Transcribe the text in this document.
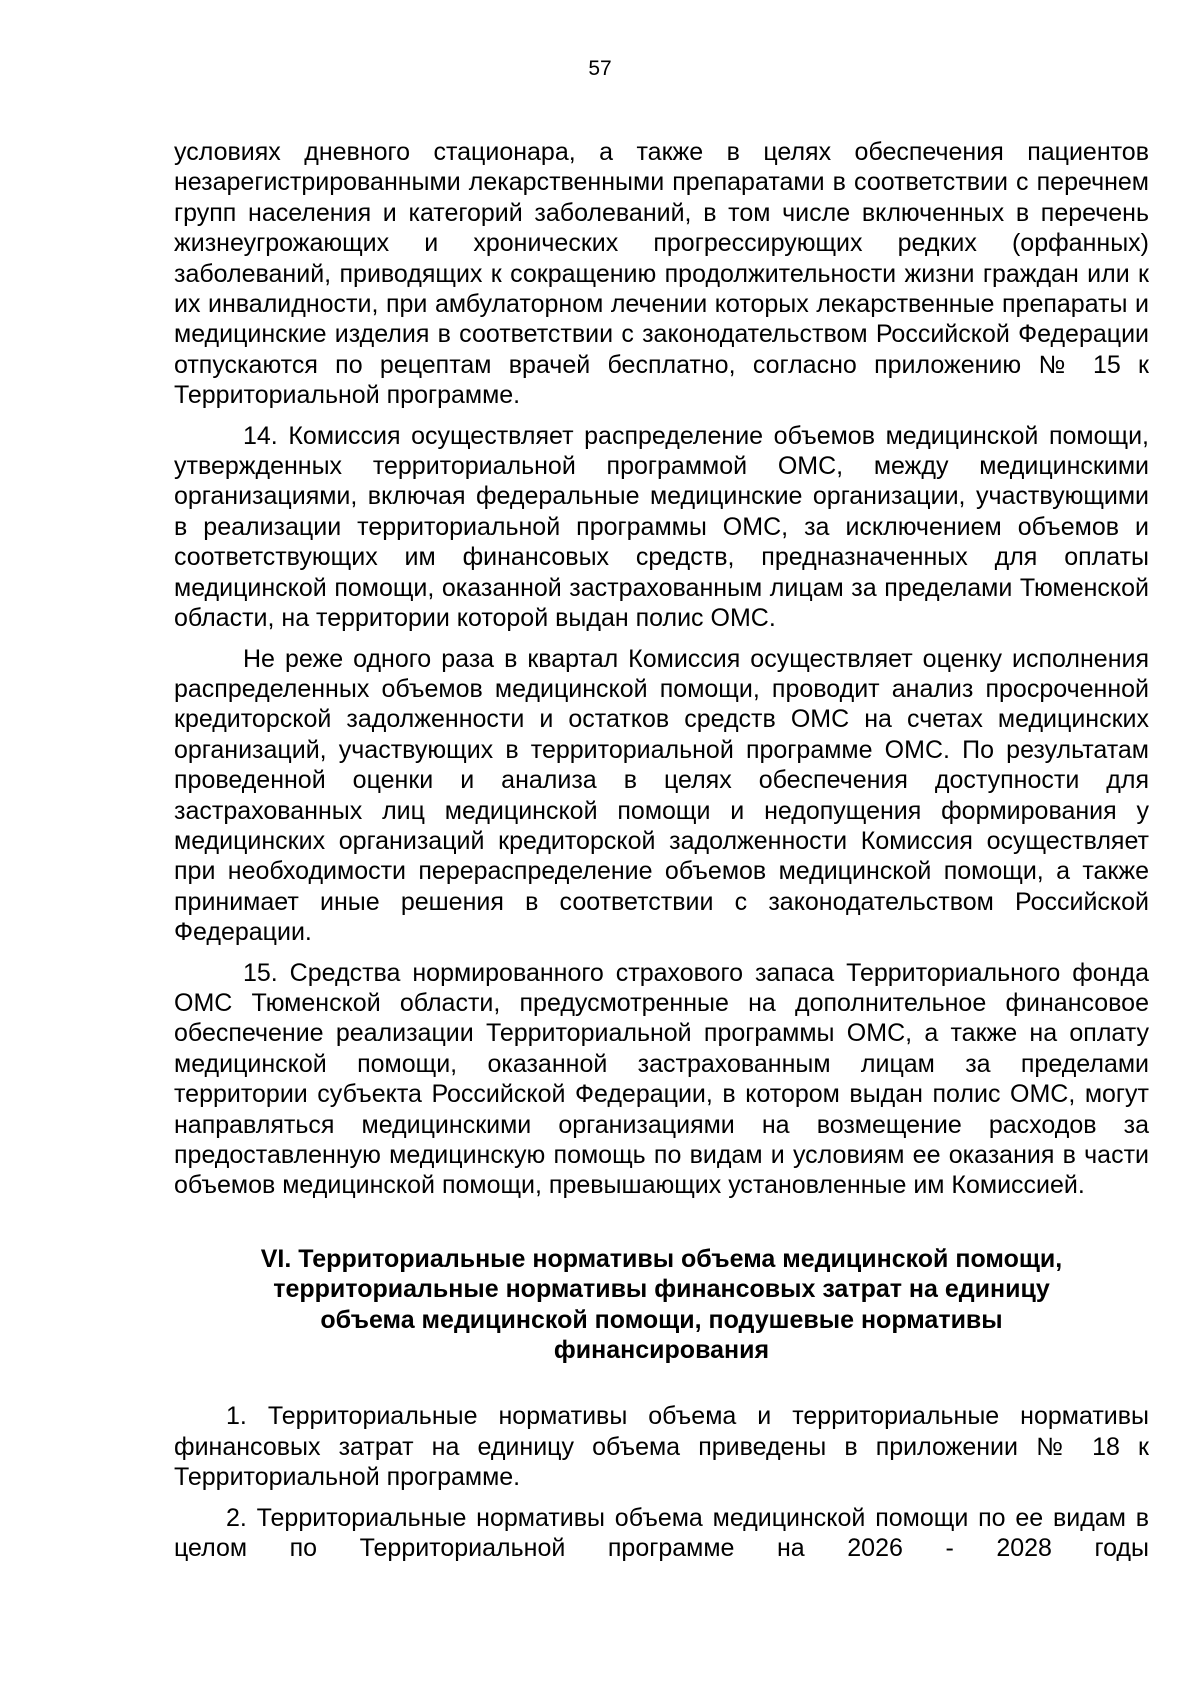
57

условиях дневного стационара, а также в целях обеспечения пациентов незарегистрированными лекарственными препаратами в соответствии с перечнем групп населения и категорий заболеваний, в том числе включенных в перечень жизнеугрожающих и хронических прогрессирующих редких (орфанных) заболеваний, приводящих к сокращению продолжительности жизни граждан или к их инвалидности, при амбулаторном лечении которых лекарственные препараты и медицинские изделия в соответствии с законодательством Российской Федерации отпускаются по рецептам врачей бесплатно, согласно приложению № 15 к Территориальной программе.

14. Комиссия осуществляет распределение объемов медицинской помощи, утвержденных территориальной программой ОМС, между медицинскими организациями, включая федеральные медицинские организации, участвующими в реализации территориальной программы ОМС, за исключением объемов и соответствующих им финансовых средств, предназначенных для оплаты медицинской помощи, оказанной застрахованным лицам за пределами Тюменской области, на территории которой выдан полис ОМС.

Не реже одного раза в квартал Комиссия осуществляет оценку исполнения распределенных объемов медицинской помощи, проводит анализ просроченной кредиторской задолженности и остатков средств ОМС на счетах медицинских организаций, участвующих в территориальной программе ОМС. По результатам проведенной оценки и анализа в целях обеспечения доступности для застрахованных лиц медицинской помощи и недопущения формирования у медицинских организаций кредиторской задолженности Комиссия осуществляет при необходимости перераспределение объемов медицинской помощи, а также принимает иные решения в соответствии с законодательством Российской Федерации.

15. Средства нормированного страхового запаса Территориального фонда ОМС Тюменской области, предусмотренные на дополнительное финансовое обеспечение реализации Территориальной программы ОМС, а также на оплату медицинской помощи, оказанной застрахованным лицам за пределами территории субъекта Российской Федерации, в котором выдан полис ОМС, могут направляться медицинскими организациями на возмещение расходов за предоставленную медицинскую помощь по видам и условиям ее оказания в части объемов медицинской помощи, превышающих установленные им Комиссией.

VI. Территориальные нормативы объема медицинской помощи,
территориальные нормативы финансовых затрат на единицу
объема медицинской помощи, подушевые нормативы
финансирования

1. Территориальные нормативы объема и территориальные нормативы финансовых затрат на единицу объема приведены в приложении № 18 к Территориальной программе.

2. Территориальные нормативы объема медицинской помощи по ее видам в целом по Территориальной программе на 2026 - 2028 годы
